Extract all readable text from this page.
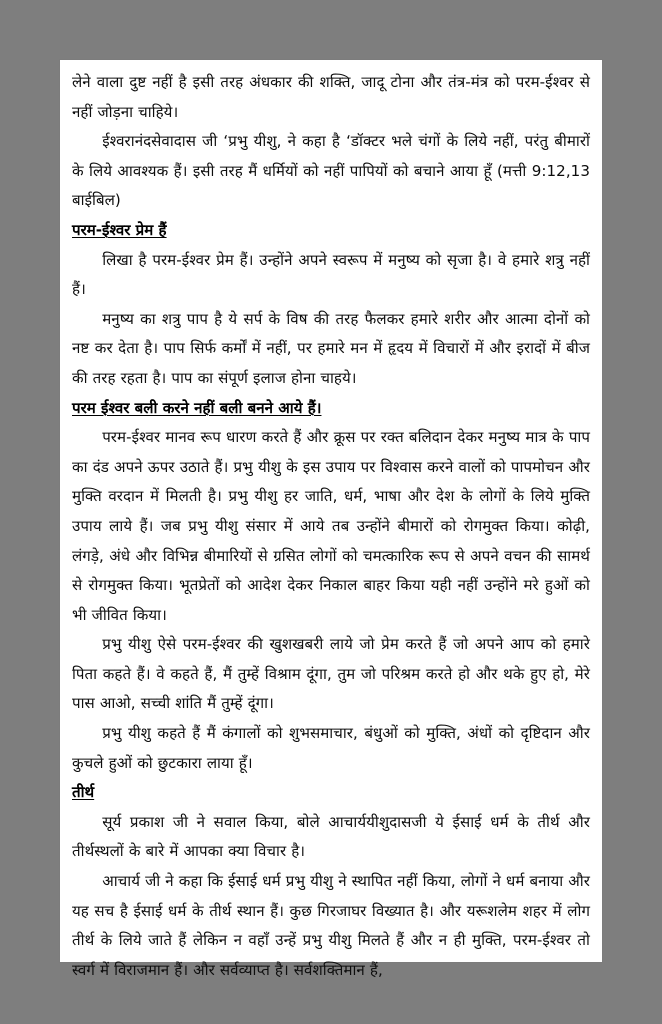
लेने वाला दुष्ट नहीं है इसी तरह अंधकार की शक्ति, जादू टोना और तंत्र-मंत्र को परम-ईश्वर से नहीं जोड़ना चाहिये।

ईश्वरानंदसेवादास जी ‘प्रभु यीशु, ने कहा है ‘डॉक्टर भले चंगों के लिये नहीं, परंतु बीमारों के लिये आवश्यक हैं। इसी तरह मैं धर्मियों को नहीं पापियों को बचाने आया हूँ (मत्ती 9:12,13 बाईबिल)

परम-ईश्वर प्रेम हैं

लिखा है परम-ईश्वर प्रेम हैं। उन्होंने अपने स्वरूप में मनुष्य को सृजा है। वे हमारे शत्रु नहीं हैं।

मनुष्य का शत्रु पाप है ये सर्प के विष की तरह फैलकर हमारे शरीर और आत्मा दोनों को नष्ट कर देता है। पाप सिर्फ कर्मों में नहीं, पर हमारे मन में हृदय में विचारों में और इरादों में बीज की तरह रहता है। पाप का संपूर्ण इलाज होना चाहये।

परम ईश्वर बली करने नहीं बली बनने आये हैं।

परम-ईश्वर मानव रूप धारण करते हैं और क्रूस पर रक्त बलिदान देकर मनुष्य मात्र के पाप का दंड अपने ऊपर उठाते हैं। प्रभु यीशु के इस उपाय पर विश्वास करने वालों को पापमोचन और मुक्ति वरदान में मिलती है। प्रभु यीशु हर जाति, धर्म, भाषा और देश के लोगों के लिये मुक्ति उपाय लाये हैं। जब प्रभु यीशु संसार में आये तब उन्होंने बीमारों को रोगमुक्त किया। कोढ़ी, लंगड़े, अंधे और विभिन्न बीमारियों से ग्रसित लोगों को चमत्कारिक रूप से अपने वचन की सामर्थ से रोगमुक्त किया। भूतप्रेतों को आदेश देकर निकाल बाहर किया यही नहीं उन्होंने मरे हुओं को भी जीवित किया।

प्रभु यीशु ऐसे परम-ईश्वर की खुशखबरी लाये जो प्रेम करते हैं जो अपने आप को हमारे पिता कहते हैं। वे कहते हैं, मैं तुम्हें विश्राम दूंगा, तुम जो परिश्रम करते हो और थके हुए हो, मेरे पास आओ, सच्ची शांति मैं तुम्हें दूंगा।

प्रभु यीशु कहते हैं मैं कंगालों को शुभसमाचार, बंधुओं को मुक्ति, अंधों को दृष्टिदान और कुचले हुओं को छुटकारा लाया हूँ।

तीर्थ

सूर्य प्रकाश जी ने सवाल किया, बोले आचार्ययीशुदासजी ये ईसाई धर्म के तीर्थ और तीर्थस्थलों के बारे में आपका क्या विचार है।

आचार्य जी ने कहा कि ईसाई धर्म प्रभु यीशु ने स्थापित नहीं किया, लोगों ने धर्म बनाया और यह सच है ईसाई धर्म के तीर्थ स्थान हैं। कुछ गिरजाघर विख्यात है। और यरूशलेम शहर में लोग तीर्थ के लिये जाते हैं लेकिन न वहाँ उन्हें प्रभु यीशु मिलते हैं और न ही मुक्ति, परम-ईश्वर तो स्वर्ग में विराजमान हैं। और सर्वव्याप्त है। सर्वशक्तिमान हैं,
